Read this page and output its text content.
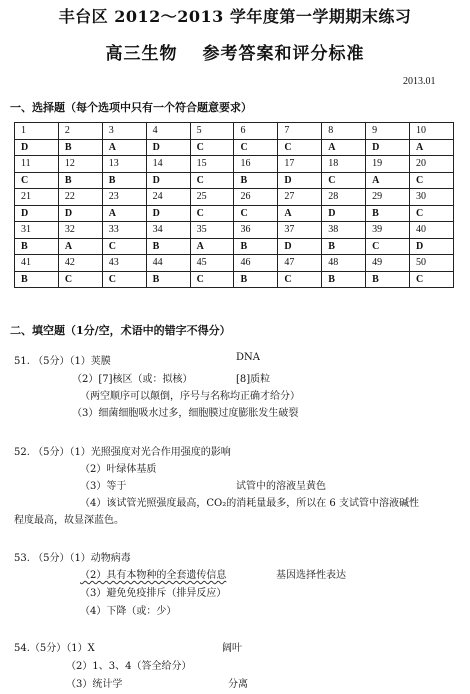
丰台区 2012～2013 学年度第一学期期末练习
高三生物 参考答案和评分标准
2013.01
一、选择题（每个选项中只有一个符合题意要求）
1	2	3	4	5	6	7	8	9	10
D	B	A	D	C	C	C	A	D	A
11	12	13	14	15	16	17	18	19	20
C	B	B	D	C	B	D	C	A	C
21	22	23	24	25	26	27	28	29	30
D	D	A	D	C	C	A	D	B	C
31	32	33	34	35	36	37	38	39	40
B	A	C	B	A	B	D	B	C	D
41	42	43	44	45	46	47	48	49	50
B	C	C	B	C	B	C	B	B	C
二、填空题（1分/空，术语中的错字不得分）
51. （5分）（1）荚膜	DNA
（2）[7]核区（或：拟核）	[8]质粒
（两空顺序可以颠倒，序号与名称均正确才给分）
（3）细菌细胞吸水过多，细胞膜过度膨胀发生破裂
52. （5分）（1）光照强度对光合作用强度的影响
（2）叶绿体基质
（3）等于	试管中的溶液呈黄色
（4）该试管光照强度最高，CO₂的消耗量最多，所以在 6 支试管中溶液碱性
程度最高，故显深蓝色。
53. （5分）（1）动物病毒
（2）具有本物种的全套遗传信息	基因选择性表达
（3）避免免疫排斥（排异反应）
（4）下降（或：少）
54.（5分）（1）X	阔叶
（2）1、3、4（答全给分）
（3）统计学	分离
